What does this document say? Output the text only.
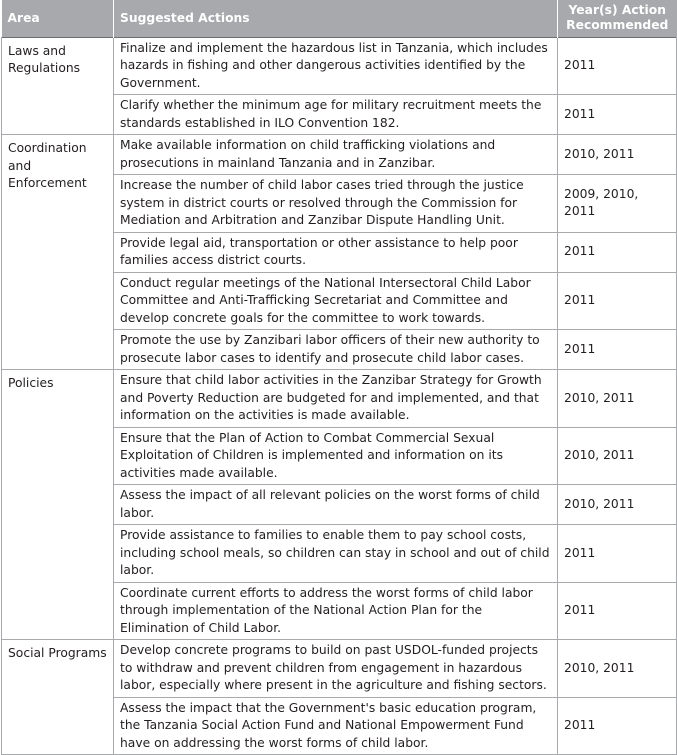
Area	Suggested Actions	Year(s) Action Recommended
Laws and Regulations	Finalize and implement the hazardous list in Tanzania, which includes hazards in fishing and other dangerous activities identified by the Government.	2011
	Clarify whether the minimum age for military recruitment meets the standards established in ILO Convention 182.	2011
Coordination and Enforcement	Make available information on child trafficking violations and prosecutions in mainland Tanzania and in Zanzibar.	2010, 2011
	Increase the number of child labor cases tried through the justice system in district courts or resolved through the Commission for Mediation and Arbitration and Zanzibar Dispute Handling Unit.	2009, 2010, 2011
	Provide legal aid, transportation or other assistance to help poor families access district courts.	2011
	Conduct regular meetings of the National Intersectoral Child Labor Committee and Anti-Trafficking Secretariat and Committee and develop concrete goals for the committee to work towards.	2011
	Promote the use by Zanzibari labor officers of their new authority to prosecute labor cases to identify and prosecute child labor cases.	2011
Policies	Ensure that child labor activities in the Zanzibar Strategy for Growth and Poverty Reduction are budgeted for and implemented, and that information on the activities is made available.	2010, 2011
	Ensure that the Plan of Action to Combat Commercial Sexual Exploitation of Children is implemented and information on its activities made available.	2010, 2011
	Assess the impact of all relevant policies on the worst forms of child labor.	2010, 2011
	Provide assistance to families to enable them to pay school costs, including school meals, so children can stay in school and out of child labor.	2011
	Coordinate current efforts to address the worst forms of child labor through implementation of the National Action Plan for the Elimination of Child Labor.	2011
Social Programs	Develop concrete programs to build on past USDOL-funded projects to withdraw and prevent children from engagement in hazardous labor, especially where present in the agriculture and fishing sectors.	2010, 2011
	Assess the impact that the Government's basic education program, the Tanzania Social Action Fund and National Empowerment Fund have on addressing the worst forms of child labor.	2011
